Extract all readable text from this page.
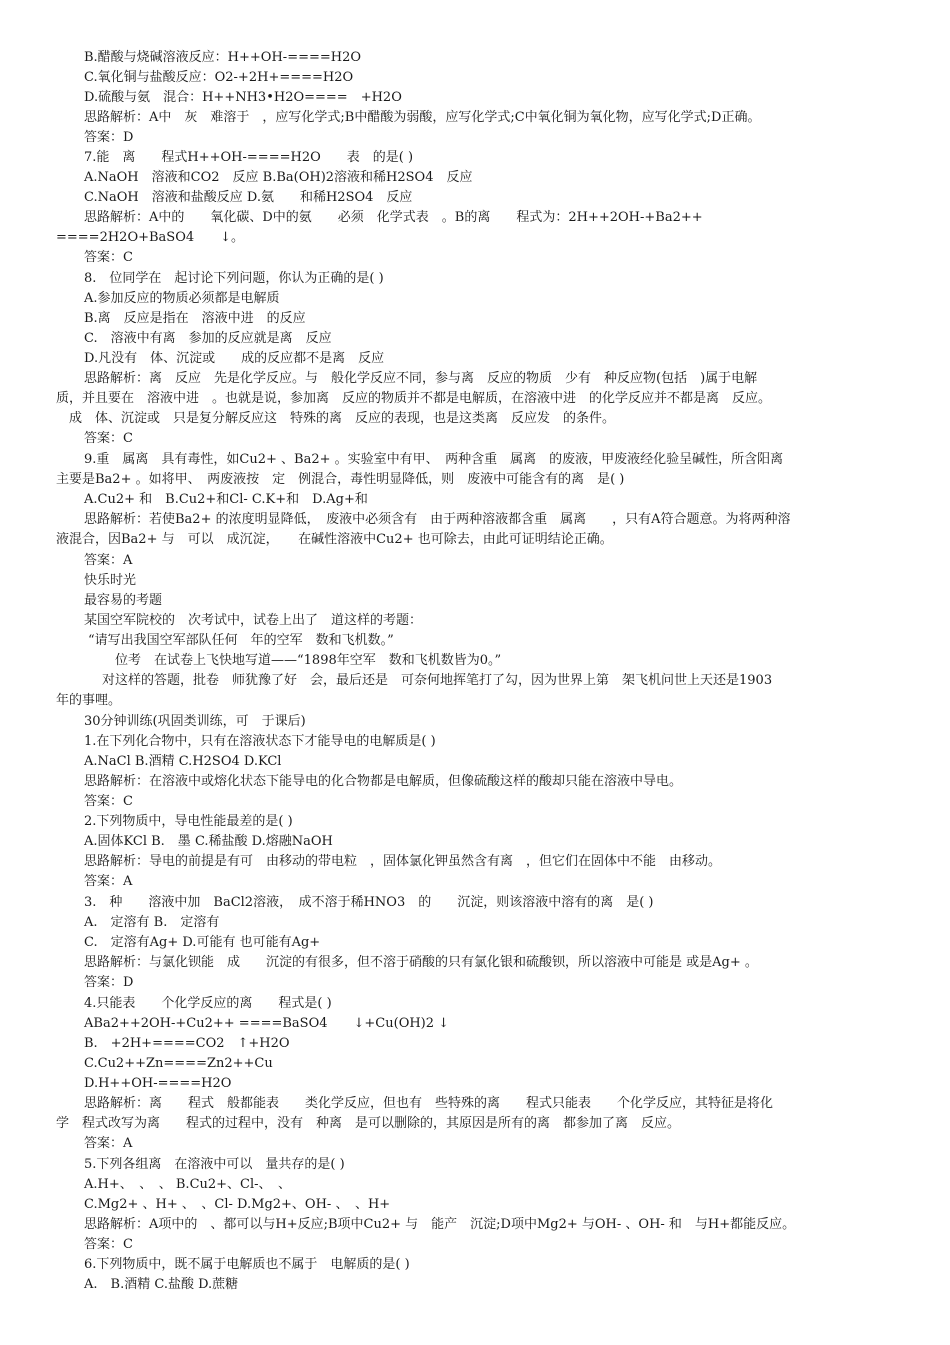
B.醋酸与烧碱溶液反应：H++OH-====H2O
C.氧化铜与盐酸反应：O2-+2H+====H2O
D.硫酸与氨　混合：H++NH3•H2O====　+H2O
思路解析：A中　灰　难溶于　，应写化学式;B中醋酸为弱酸，应写化学式;C中氧化铜为氧化物，应写化学式;D正确。
答案：D
7.能　离　　程式H++OH-====H2O　　表　的是( )
A.NaOH　溶液和CO2　反应 B.Ba(OH)2溶液和稀H2SO4　反应
C.NaOH　溶液和盐酸反应 D.氨　　和稀H2SO4　反应
思路解析：A中的　　氧化碳、D中的氨　　必须　化学式表　。B的离　　程式为：2H++2OH-+Ba2++
====2H2O+BaSO4　　↓。
答案：C
8.　位同学在　起讨论下列问题，你认为正确的是( )
A.参加反应的物质必须都是电解质
B.离　反应是指在　溶液中进　的反应
C.　溶液中有离　参加的反应就是离　反应
D.凡没有　体、沉淀或　　成的反应都不是离　反应
思路解析：离　反应　先是化学反应。与　般化学反应不同，参与离　反应的物质　少有　种反应物(包括　)属于电解
质，并且要在　溶液中进　。也就是说，参加离　反应的物质并不都是电解质，在溶液中进　的化学反应并不都是离　反应。
　成　体、沉淀或　只是复分解反应这　特殊的离　反应的表现，也是这类离　反应发　的条件。
答案：C
9.重　属离　具有毒性，如Cu2+ 、Ba2+ 。实验室中有甲、　两种含重　属离　的废液，甲废液经化验呈碱性，所含阳离
主要是Ba2+ 。如将甲、　两废液按　定　例混合，毒性明显降低，则　废液中可能含有的离　是( )
A.Cu2+ 和　B.Cu2+和Cl- C.K+和　D.Ag+和
思路解析：若使Ba2+ 的浓度明显降低，　废液中必须含有　由于两种溶液都含重　属离　　，只有A符合题意。为将两种溶
液混合，因Ba2+ 与　可以　成沉淀，　　在碱性溶液中Cu2+ 也可除去，由此可证明结论正确。
答案：A
快乐时光
最容易的考题
某国空军院校的　次考试中，试卷上出了　道这样的考题：
“请写出我国空军部队任何　年的空军　数和飞机数。”
　位考　在试卷上飞快地写道——“1898年空军　数和飞机数皆为0。”
对这样的答题，批卷　师犹豫了好　会，最后还是　可奈何地挥笔打了勾，因为世界上第　架飞机问世上天还是1903
年的事哩。
30分钟训练(巩固类训练，可　于课后)
1.在下列化合物中，只有在溶液状态下才能导电的电解质是( )
A.NaCl B.酒精 C.H2SO4 D.KCl
思路解析：在溶液中或熔化状态下能导电的化合物都是电解质，但像硫酸这样的酸却只能在溶液中导电。
答案：C
2.下列物质中，导电性能最差的是( )
A.固体KCl B.　墨 C.稀盐酸 D.熔融NaOH
思路解析：导电的前提是有可　由移动的带电粒　，固体氯化钾虽然含有离　，但它们在固体中不能　由移动。
答案：A
3.　种　　溶液中加　BaCl2溶液，　成不溶于稀HNO3　的　　沉淀，则该溶液中溶有的离　是( )
A.　定溶有 B.　定溶有
C.　定溶有Ag+ D.可能有 也可能有Ag+
思路解析：与氯化钡能　成　　沉淀的有很多，但不溶于硝酸的只有氯化银和硫酸钡，所以溶液中可能是 或是Ag+ 。
答案：D
4.只能表　　个化学反应的离　　程式是( )
ABa2++2OH-+Cu2++ ====BaSO4　　↓+Cu(OH)2 ↓
B.　+2H+====CO2　↑+H2O
C.Cu2++Zn====Zn2++Cu
D.H++OH-====H2O
思路解析：离　　程式　般都能表　　类化学反应，但也有　些特殊的离　　程式只能表　　个化学反应，其特征是将化
学　程式改写为离　　程式的过程中，没有　种离　是可以删除的，其原因是所有的离　都参加了离　反应。
答案：A
5.下列各组离　在溶液中可以　量共存的是( )
A.H+、　、　、 B.Cu2+、Cl-、　、
C.Mg2+ 、H+ 、　、Cl- D.Mg2+、OH- 、　、H+
思路解析：A项中的　、都可以与H+反应;B项中Cu2+ 与　能产　沉淀;D项中Mg2+ 与OH- 、OH- 和　与H+都能反应。
答案：C
6.下列物质中，既不属于电解质也不属于　电解质的是( )
A.　B.酒精 C.盐酸 D.蔗糖
